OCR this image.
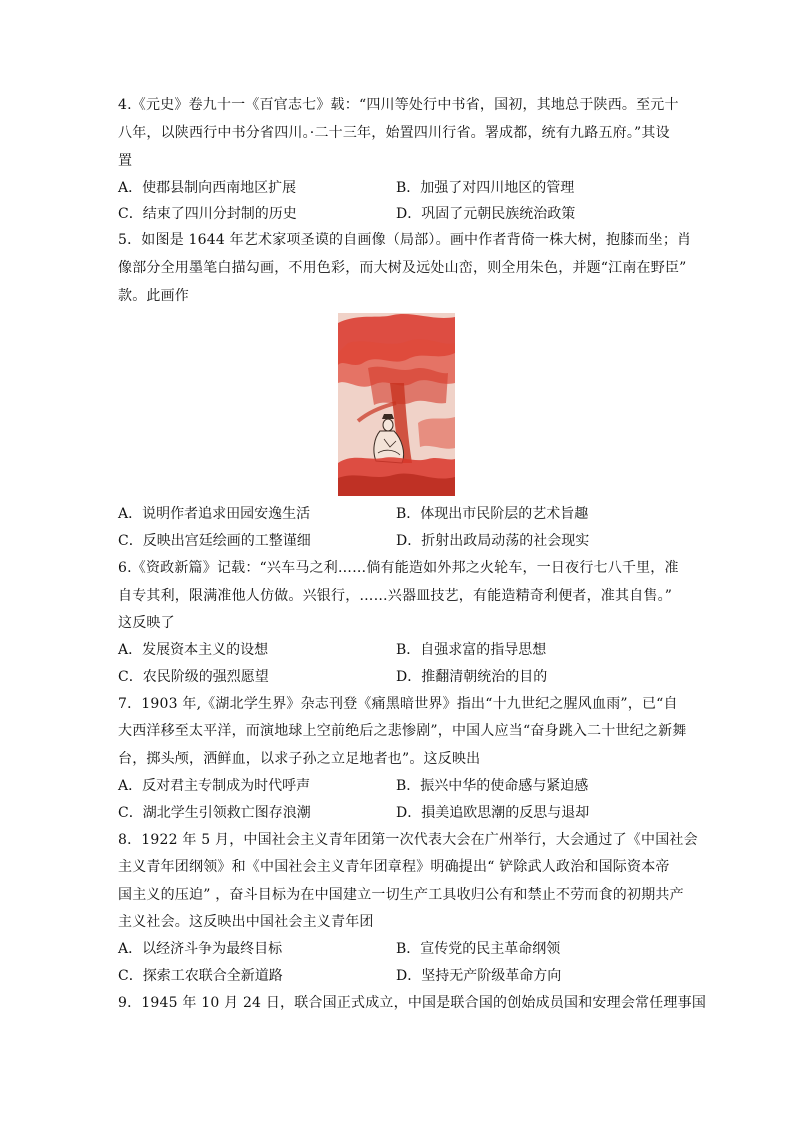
4.《元史》卷九十一《百官志七》载：“四川等处行中书省，国初，其地总于陕西。至元十
八年，以陕西行中书分省四川。·二十三年，始置四川行省。署成都，统有九路五府。”其设
置
A．使郡县制向西南地区扩展	B．加强了对四川地区的管理
C．结束了四川分封制的历史	D．巩固了元朝民族统治政策
5．如图是 1644 年艺术家项圣谟的自画像（局部）。画中作者背倚一株大树，抱膝而坐；肖
像部分全用墨笔白描勾画，不用色彩，而大树及远处山峦，则全用朱色，并题“江南在野臣”
款。此画作
A．说明作者追求田园安逸生活	B．体现出市民阶层的艺术旨趣
C．反映出宫廷绘画的工整谨细	D．折射出政局动荡的社会现实
6.《资政新篇》记载：“兴车马之利……倘有能造如外邦之火轮车，一日夜行七八千里，准
自专其利，限满准他人仿做。兴银行，……兴器皿技艺，有能造精奇利便者，准其自售。”
这反映了
A．发展资本主义的设想	B．自强求富的指导思想
C．农民阶级的强烈愿望	D．推翻清朝统治的目的
7．1903 年,《湖北学生界》杂志刊登《痛黑暗世界》指出“十九世纪之腥风血雨”，已“自
大西洋移至太平洋，而演地球上空前绝后之悲惨剧”，中国人应当“奋身跳入二十世纪之新舞
台，掷头颅，洒鲜血，以求子孙之立足地者也”。这反映出
A．反对君主专制成为时代呼声	B．振兴中华的使命感与紧迫感
C．湖北学生引领救亡图存浪潮	D．損美追欧思潮的反思与退却
8．1922 年 5 月，中国社会主义青年团第一次代表大会在广州举行，大会通过了《中国社会
主义青年团纲领》和《中国社会主义青年团章程》明确提出“ 铲除武人政治和国际资本帝
国主义的压迫” ，奋斗目标为在中国建立一切生产工具收归公有和禁止不劳而食的初期共产
主义社会。这反映出中国社会主义青年团
A．以经济斗争为最终目标	B．宣传党的民主革命纲领
C．探索工农联合全新道路	D．坚持无产阶级革命方向
9．1945 年 10 月 24 日，联合国正式成立，中国是联合国的创始成员国和安理会常任理事国
